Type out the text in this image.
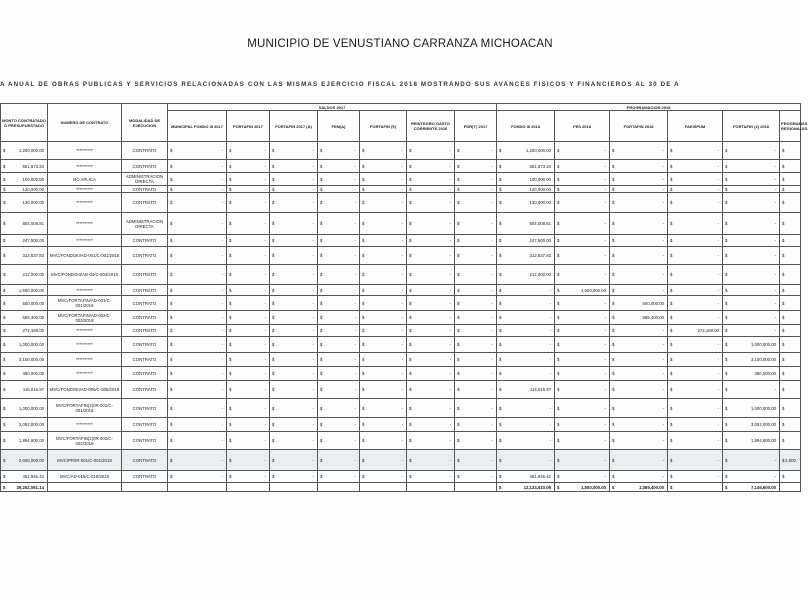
MUNICIPIO DE VENUSTIANO CARRANZA MICHOACAN
A ANUAL DE OBRAS PUBLICAS Y SERVICIOS RELACIONADAS CON LAS MISMAS EJERCICIO FISCAL 2018 MOSTRANDO SUS AVANCES FISICOS Y FINANCIEROS AL 30 DE A
MONTO CONTRATADO O PRESUPUESTADO	NUMERO DE CONTRATO	MODALIDAD DE EJECUCION	SALDOS 2017							PROGRAMACION 2018					
			MUNICIPAL FONDO III 2017	FORTAFIN 2017	FORTAFIN 2017 (A)	FEM(A)	FORTAFIN (5)	REINTEGRO GASTO CORRIENTE 2016	PDR(T) 2017	FONDO III 2018	FES 2018	FORTAFIN 2018	FAEISPUM	FORTAFIN (2) 2018	PROGRAMAS REGIONALES

$ 1,200,000.00	**********	CONTRATO	$ -	$ -	$ -	$ -	$ -	$ -	$ -	$ 1,200,000.00	$ -	$ -	$ -	$ -	$

$ 561,873.34	**********	CONTRATO	$ -	$ -	$ -	$ -	$ -	$ -	$ -	$ 561,873.34	$ -	$ -	$ -	$ -	$

$ 100,000.00	NO APLICA	ADMINISTRACION DIRECTA	$ -	$ -	$ -	$ -	$ -	$ -	$ -	$ 100,000.00	$ -	$ -	$ -	$ -	$

$ 120,000.00	**********	CONTRATO	$ -	$ -	$ -	$ -	$ -	$ -	$ -	$ 120,000.00	$ -	$ -	$ -	$ -	$

$ 130,000.00	**********	CONTRATO	$ -	$ -	$ -	$ -	$ -	$ -	$ -	$ 130,000.00	$ -	$ -	$ -	$ -	$

$ 804,008.81	**********	ADMINISTRACION DIRECTA	$ -	$ -	$ -	$ -	$ -	$ -	$ -	$ 804,008.81	$ -	$ -	$ -	$ -	$

$ 247,500.00	**********	CONTRATO	$ -	$ -	$ -	$ -	$ -	$ -	$ -	$ 247,500.00	$ -	$ -	$ -	$ -	$

$ 312,537.83	MVC/FONDOIII/AD-001/C-001/2018	CONTRATO	$ -	$ -	$ -	$ -	$ -	$ -	$ -	$ 312,537.83	$ -	$ -	$ -	$ -	$

$ 212,000.00	MVC/FONDOIII/AD-04/C-004/2018	CONTRATO	$ -	$ -	$ -	$ -	$ -	$ -	$ -	$ 212,000.00	$ -	$ -	$ -	$ -	$

$ 1,500,000.00	**********	CONTRATO	$ -	$ -	$ -	$ -	$ -	$ -	$ -	$ -	$ 1,500,000.00	$ -	$ -	$ -	$

$ 500,000.00	MVC/FORTAFIN/AD-001/C-001/2018	CONTRATO	$ -	$ -	$ -	$ -	$ -	$ -	$ -	$ -	$ -	$ 500,000.00	$ -	$ -	$

$ 589,400.00	MVC/FORTAFIN/AD-002/C-002/2018	CONTRATO	$ -	$ -	$ -	$ -	$ -	$ -	$ -	$ -	$ -	$ 589,400.00	$ -	$ -	$

$ 272,169.00	**********	CONTRATO	$ -	$ -	$ -	$ -	$ -	$ -	$ -	$ -	$ -	$ -	$ 272,169.00	$ -	$

$ 1,000,000.00	**********	CONTRATO	$ -	$ -	$ -	$ -	$ -	$ -	$ -	$ -	$ -	$ -	$ -	$ 1,000,000.00	$

$ 3,100,000.00	**********	CONTRATO	$ -	$ -	$ -	$ -	$ -	$ -	$ -	$ -	$ -	$ -	$ -	$ 3,100,000.00	$

$ 380,000.00	**********	CONTRATO	$ -	$ -	$ -	$ -	$ -	$ -	$ -	$ -	$ -	$ -	$ -	$ 380,000.00	$

$ 115,016.97	MVC/FONDOIII/AD-005/C-005/2018	CONTRATO	$ -	$ -	$ -	$ -	$ -	$ -	$ -	$ 115,016.97	$ -	$ -	$ -	$ -	$

$ 1,000,000.00	MVC/FORTAFIN(2)/IR-001/C-001/2018	CONTRATO	$ -	$ -	$ -	$ -	$ -	$ -	$ -	$ -	$ -	$ -	$ -	$ 1,000,000.00	$

$ 3,052,000.00	**********	CONTRATO	$ -	$ -	$ -	$ -	$ -	$ -	$ -	$ -	$ -	$ -	$ -	$ 3,052,000.00	$

$ 1,894,600.00	MVC/FORTAFIN(2)/IR-002/C-002/2018	CONTRATO	$ -	$ -	$ -	$ -	$ -	$ -	$ -	$ -	$ -	$ -	$ -	$ 1,894,600.00	$

$ 2,000,000.00	MVC/PR/IR-001/C-001/2018	CONTRATO	$ -	$ -	$ -	$ -	$ -	$ -	$ -	$ -	$ -	$ -	$ -	$ -	$ 2,000,

$ 451,946.42	MVC/AD-015/C-015/2018	CONTRATO	$ -	$ -	$ -	$ -	$ -	$ -	$ -	$ 451,946.42	$ -	$ -	$ -	$ -	$

$ 39,252,061.14										$ 12,124,610.09	$ 1,500,000.00	$ 1,089,400.00	$	$ 7,146,600.00	
